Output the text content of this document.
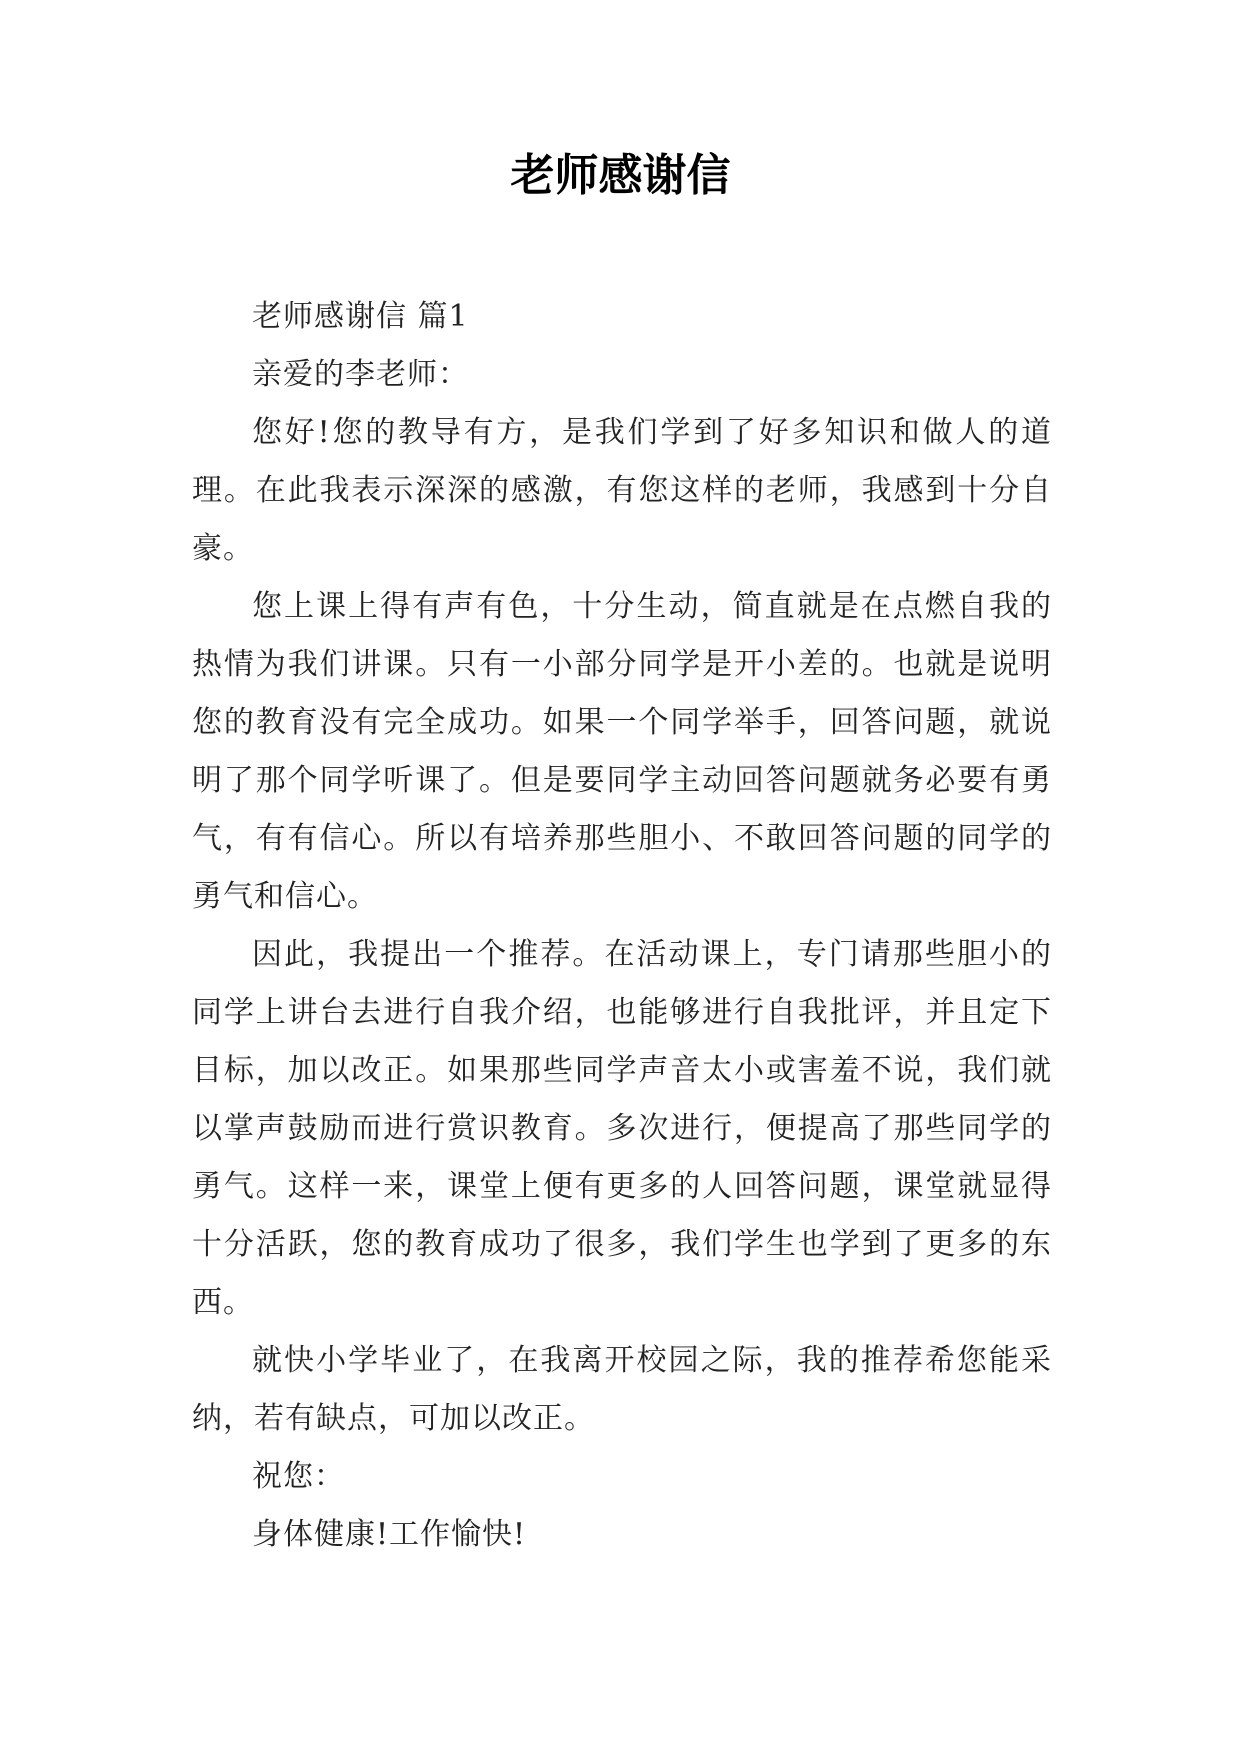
老师感谢信

老师感谢信 篇1

亲爱的李老师：

您好!您的教导有方，是我们学到了好多知识和做人的道理。在此我表示深深的感激，有您这样的老师，我感到十分自豪。

您上课上得有声有色，十分生动，简直就是在点燃自我的热情为我们讲课。只有一小部分同学是开小差的。也就是说明您的教育没有完全成功。如果一个同学举手，回答问题，就说明了那个同学听课了。但是要同学主动回答问题就务必要有勇气，有有信心。所以有培养那些胆小、不敢回答问题的同学的勇气和信心。

因此，我提出一个推荐。在活动课上，专门请那些胆小的同学上讲台去进行自我介绍，也能够进行自我批评，并且定下目标，加以改正。如果那些同学声音太小或害羞不说，我们就以掌声鼓励而进行赏识教育。多次进行，便提高了那些同学的勇气。这样一来，课堂上便有更多的人回答问题，课堂就显得十分活跃，您的教育成功了很多，我们学生也学到了更多的东西。

就快小学毕业了，在我离开校园之际，我的推荐希您能采纳，若有缺点，可加以改正。

祝您：

身体健康!工作愉快!
